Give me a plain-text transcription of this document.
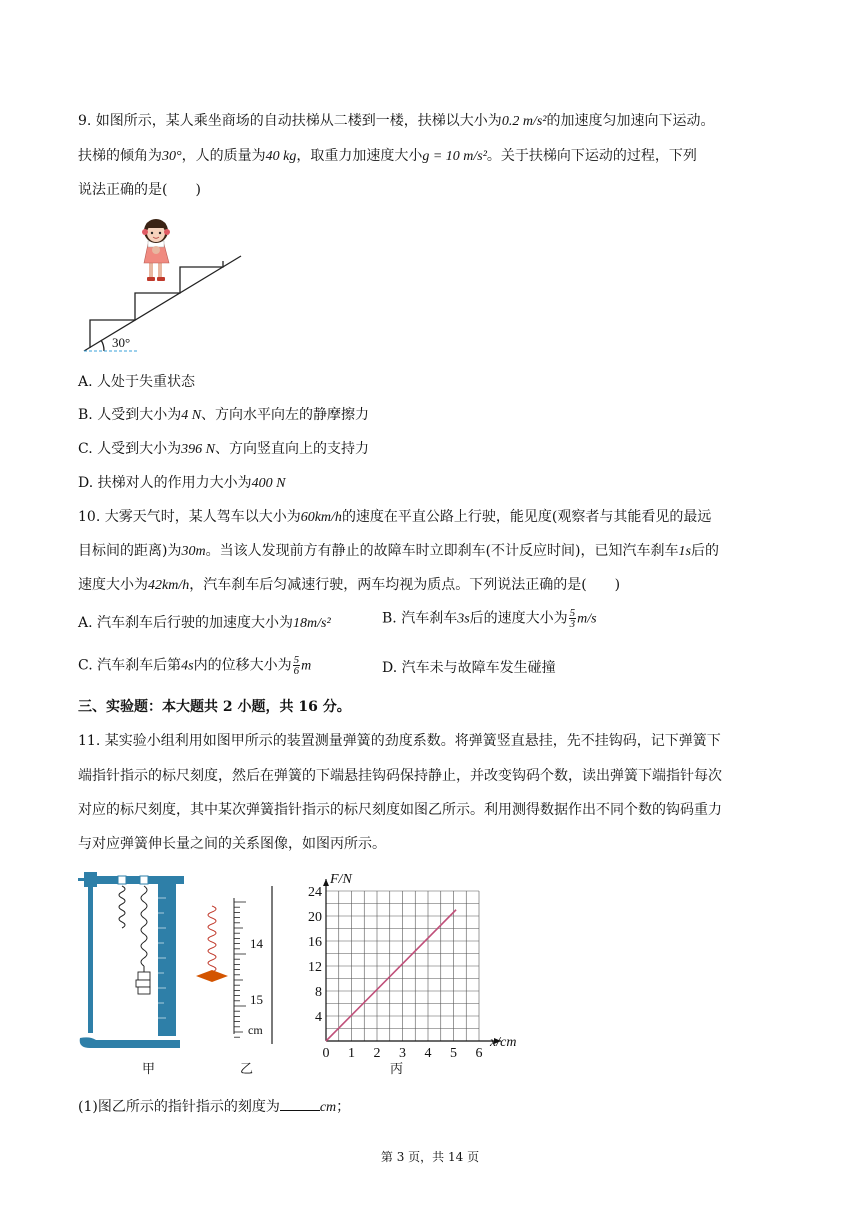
9. 如图所示，某人乘坐商场的自动扶梯从二楼到一楼，扶梯以大小为0.2 m/s²的加速度匀加速向下运动。
扶梯的倾角为30°，人的质量为40 kg，取重力加速度大小g = 10 m/s²。关于扶梯向下运动的过程，下列
说法正确的是(　　)
30°
A. 人处于失重状态
B. 人受到大小为4 N、方向水平向左的静摩擦力
C. 人受到大小为396 N、方向竖直向上的支持力
D. 扶梯对人的作用力大小为400 N
10. 大雾天气时，某人驾车以大小为60km/h的速度在平直公路上行驶，能见度(观察者与其能看见的最远
目标间的距离)为30m。当该人发现前方有静止的故障车时立即刹车(不计反应时间)，已知汽车刹车1s后的
速度大小为42km/h，汽车刹车后匀减速行驶，两车均视为质点。下列说法正确的是(　　)
A. 汽车刹车后行驶的加速度大小为18m/s²	B. 汽车刹车3s后的速度大小为 $\frac{5}{3} m/s$
C. 汽车刹车后第4s内的位移大小为 $\frac{5}{6}$ m	D. 汽车未与故障车发生碰撞
三、实验题：本大题共 2 小题，共 16 分。
11. 某实验小组利用如图甲所示的装置测量弹簧的劲度系数。将弹簧竖直悬挂，先不挂钩码，记下弹簧下
端指针指示的标尺刻度，然后在弹簧的下端悬挂钩码保持静止，并改变钩码个数，读出弹簧下端指针每次
对应的标尺刻度，其中某次弹簧指针指示的标尺刻度如图乙所示。利用测得数据作出不同个数的钩码重力
与对应弹簧伸长量之间的关系图像，如图丙所示。
14
15
cm
0 1 2 3 4 5 6
4
8
12
16
20
24
F/N
x/cm
甲	乙	丙
(1)图乙所示的指针指示的刻度为	cm；
第 3 页，共 14 页
